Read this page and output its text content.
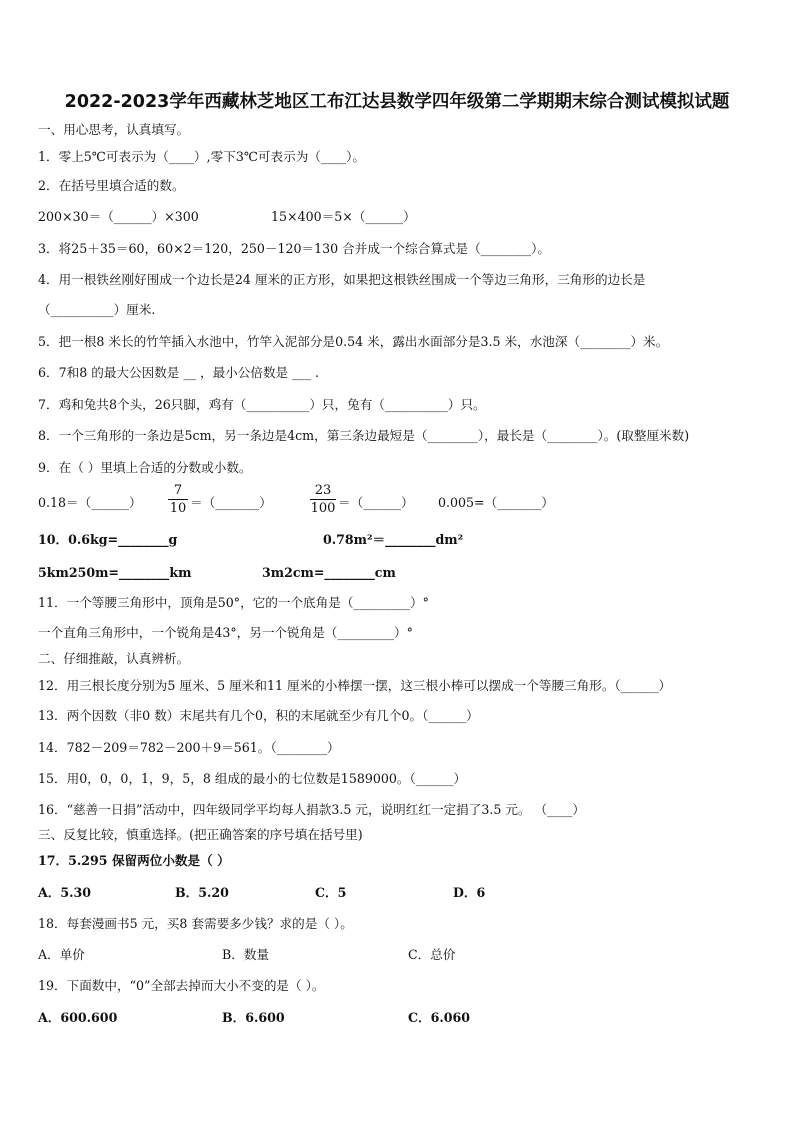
2022-2023学年西藏林芝地区工布江达县数学四年级第二学期期末综合测试模拟试题
一、用心思考，认真填写。
1．零上5℃可表示为（____）,零下3℃可表示为（____）。
2．在括号里填合适的数。
200×30＝（______）×300	15×400＝5×（______）
3．将25＋35＝60，60×2＝120，250－120＝130 合并成一个综合算式是（________）。
4．用一根铁丝刚好围成一个边长是24 厘米的正方形，如果把这根铁丝围成一个等边三角形，三角形的边长是
（__________）厘米.
5．把一根8 米长的竹竿插入水池中，竹竿入泥部分是0.54 米，露出水面部分是3.5 米，水池深（________）米。
6．7和8 的最大公因数是 __ ，最小公倍数是 ___ .
7．鸡和兔共8个头，26只脚，鸡有（__________）只，兔有（__________）只。
8．一个三角形的一条边是5cm，另一条边是4cm，第三条边最短是（________），最长是（________）。(取整厘米数)
9．在（ ）里填上合适的分数或小数。
0.18＝（______）
7
10 ＝（_______）
23
100 ＝（______） 0.005=（_______）
10．0.6kg=________g	0.78m²＝________dm²
5km250m=________km	3m2cm=________cm
11．一个等腰三角形中，顶角是50°，它的一个底角是（_________）°
一个直角三角形中，一个锐角是43°，另一个锐角是（_________）°
二、仔细推敲，认真辨析。
12．用三根长度分别为5 厘米、5 厘米和11 厘米的小棒摆一摆，这三根小棒可以摆成一个等腰三角形。（______）
13．两个因数（非0 数）末尾共有几个0，积的末尾就至少有几个0。（______）
14．782－209＝782－200＋9＝561。（________）
15．用0，0，0，1，9，5，8 组成的最小的七位数是1589000。（______）
16．“慈善一日捐”活动中，四年级同学平均每人捐款3.5 元，说明红红一定捐了3.5 元。 （____）
三、反复比较，慎重选择。(把正确答案的序号填在括号里)
17．5.295 保留两位小数是（ ）
A．5.30	B．5.20	C．5	D．6
18．每套漫画书5 元，买8 套需要多少钱？求的是（ ）。
A．单价	B．数量	C．总价
19．下面数中，“0”全部去掉而大小不变的是（ ）。
A．600.600	B．6.600	C．6.060
